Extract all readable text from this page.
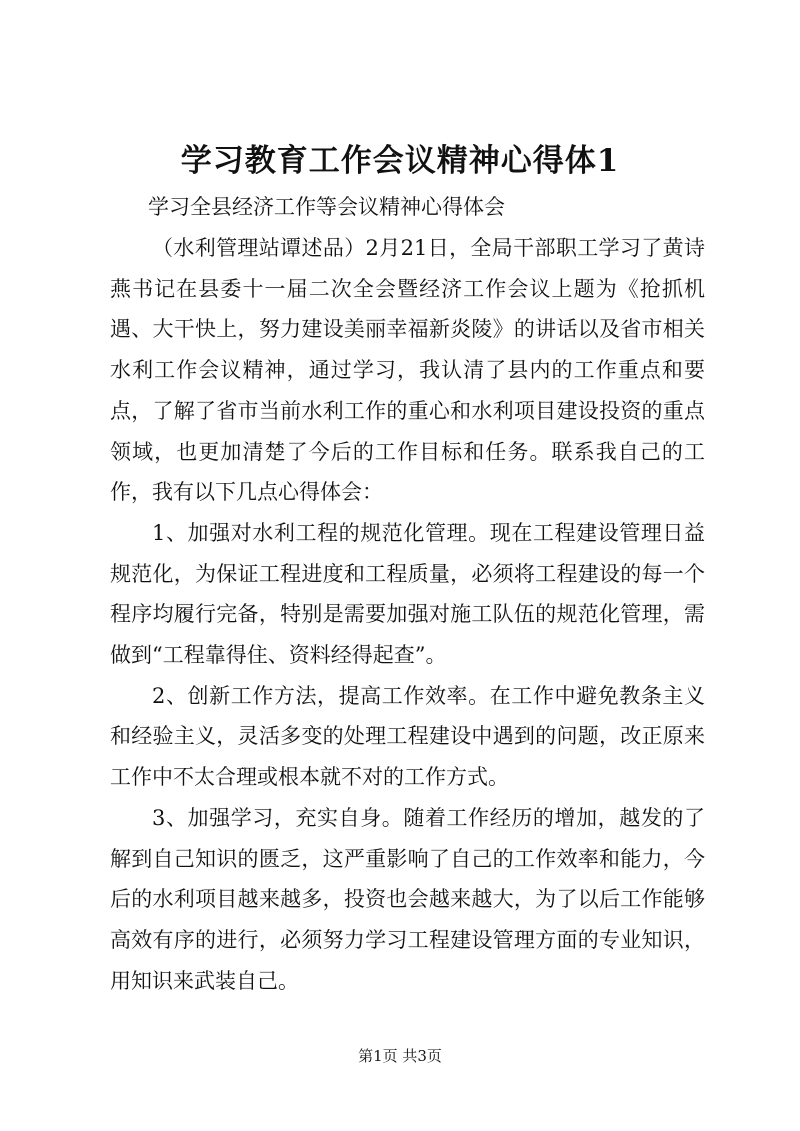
学习教育工作会议精神心得体1
学习全县经济工作等会议精神心得体会

（水利管理站谭述品）2月21日，全局干部职工学习了黄诗燕书记在县委十一届二次全会暨经济工作会议上题为《抢抓机遇、大干快上，努力建设美丽幸福新炎陵》的讲话以及省市相关水利工作会议精神，通过学习，我认清了县内的工作重点和要点，了解了省市当前水利工作的重心和水利项目建设投资的重点领域，也更加清楚了今后的工作目标和任务。联系我自己的工作，我有以下几点心得体会：

1、加强对水利工程的规范化管理。现在工程建设管理日益规范化，为保证工程进度和工程质量，必须将工程建设的每一个程序均履行完备，特别是需要加强对施工队伍的规范化管理，需做到“工程靠得住、资料经得起查”。

2、创新工作方法，提高工作效率。在工作中避免教条主义和经验主义，灵活多变的处理工程建设中遇到的问题，改正原来工作中不太合理或根本就不对的工作方式。

3、加强学习，充实自身。随着工作经历的增加，越发的了解到自己知识的匮乏，这严重影响了自己的工作效率和能力，今后的水利项目越来越多，投资也会越来越大，为了以后工作能够高效有序的进行，必须努力学习工程建设管理方面的专业知识，用知识来武装自己。

第1页 共3页
